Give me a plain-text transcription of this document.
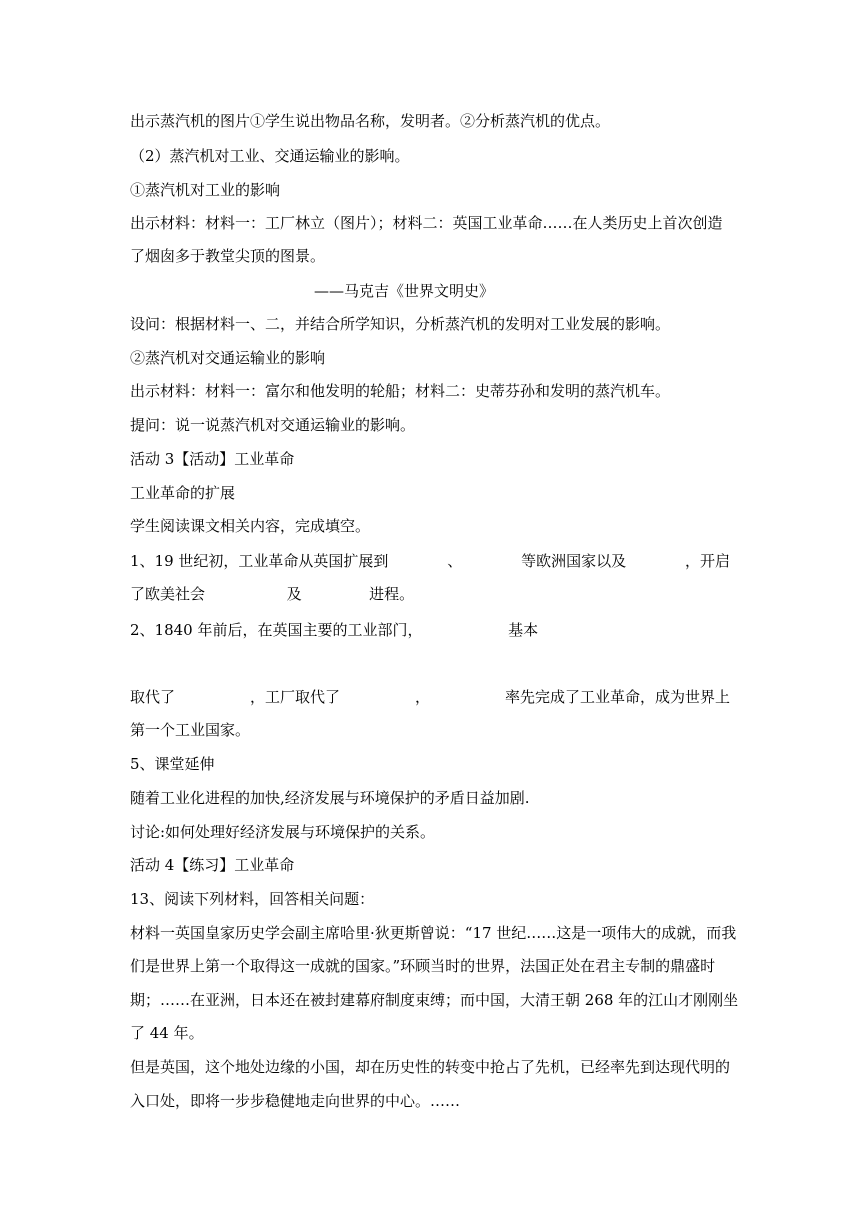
出示蒸汽机的图片①学生说出物品名称，发明者。②分析蒸汽机的优点。
（2）蒸汽机对工业、交通运输业的影响。
①蒸汽机对工业的影响
出示材料：材料一：工厂林立（图片）；材料二：英国工业革命……在人类历史上首次创造
了烟囱多于教堂尖顶的图景。
——马克吉《世界文明史》
设问：根据材料一、二，并结合所学知识，分析蒸汽机的发明对工业发展的影响。
②蒸汽机对交通运输业的影响
出示材料：材料一：富尔和他发明的轮船；材料二：史蒂芬孙和发明的蒸汽机车。
提问：说一说蒸汽机对交通运输业的影响。
活动 3【活动】工业革命
工业革命的扩展
学生阅读课文相关内容，完成填空。
1、19 世纪初，工业革命从英国扩展到	、	等欧洲国家以及	，开启
了欧美社会	及	进程。
2、1840 年前后，在英国主要的工业部门，	基本
取代了	，工厂取代了	，	率先完成了工业革命，成为世界上
第一个工业国家。
5、课堂延伸
随着工业化进程的加快,经济发展与环境保护的矛盾日益加剧.
讨论:如何处理好经济发展与环境保护的关系。
活动 4【练习】工业革命
13、阅读下列材料，回答相关问题：
材料一英国皇家历史学会副主席哈里·狄更斯曾说：“17 世纪……这是一项伟大的成就，而我
们是世界上第一个取得这一成就的国家。”环顾当时的世界，法国正处在君主专制的鼎盛时
期；……在亚洲，日本还在被封建幕府制度束缚；而中国，大清王朝 268 年的江山才刚刚坐
了 44 年。
但是英国，这个地处边缘的小国，却在历史性的转变中抢占了先机，已经率先到达现代明的
入口处，即将一步步稳健地走向世界的中心。……
